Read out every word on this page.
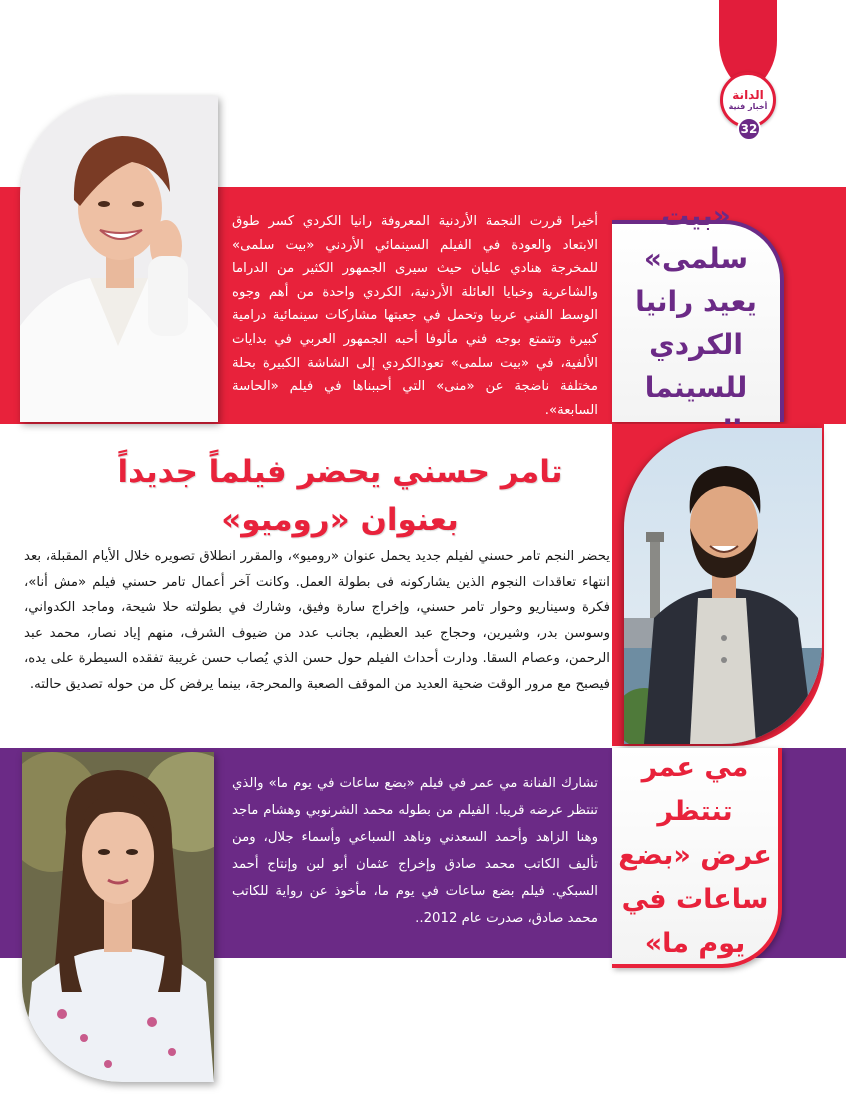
الدانة
أخبار فنية
32
«بيت سلمى» يعيد رانيا الكردي للسينما

أخيرا قررت النجمة الأردنية المعروفة رانيا الكردي كسر طوق الابتعاد والعودة في الفيلم السينمائي الأردني «بيت سلمى» للمخرجة هنادي عليان حيث سيرى الجمهور الكثير من الدراما والشاعرية وخبايا العائلة الأردنية، الكردي واحدة من أهم وجوه الوسط الفني عربيا وتحمل في جعبتها مشاركات سينمائية درامية كبيرة وتتمتع بوجه فني مألوفا أحبه الجمهور العربي في بدايات الألفية، في «بيت سلمى» تعودالكردي إلى الشاشة الكبيرة بحلة مختلفة ناضجة عن «منى» التي أحببناها في فيلم «الحاسة السابعة».

تامر حسني يحضر فيلماً جديداً بعنوان «روميو»

يحضر النجم تامر حسني لفيلم جديد يحمل عنوان «روميو»، والمقرر انطلاق تصويره خلال الأيام المقبلة، بعد انتهاء تعاقدات النجوم الذين يشاركونه فى بطولة العمل. وكانت آخر أعمال تامر حسني فيلم «مش أنا»، فكرة وسيناريو وحوار تامر حسني، وإخراج سارة وفيق، وشارك في بطولته حلا شيحة، وماجد الكدواني، وسوسن بدر، وشيرين، وحجاج عبد العظيم، بجانب عدد من ضيوف الشرف، منهم إياد نصار، محمد عبد الرحمن، وعصام السقا. ودارت أحداث الفيلم حول حسن الذي يُصاب حسن غريبة تفقده السيطرة على يده، فيصبح مع مرور الوقت ضحية العديد من الموقف الصعبة والمحرجة، بينما يرفض كل من حوله تصديق حالته.

مي عمر تنتظر عرض «بضع ساعات في يوم ما»

تشارك الفنانة مي عمر في فيلم «بضع ساعات في يوم ما» والذي تنتظر عرضه قريبا. الفيلم من بطوله محمد الشرنوبي وهشام ماجد وهنا الزاهد وأحمد السعدني وناهد السباعي وأسماء جلال، ومن تأليف الكاتب محمد صادق وإخراج عثمان أبو لبن وإنتاج أحمد السبكي. فيلم بضع ساعات في يوم ما، مأخوذ عن رواية للكاتب محمد صادق، صدرت عام 2012..
